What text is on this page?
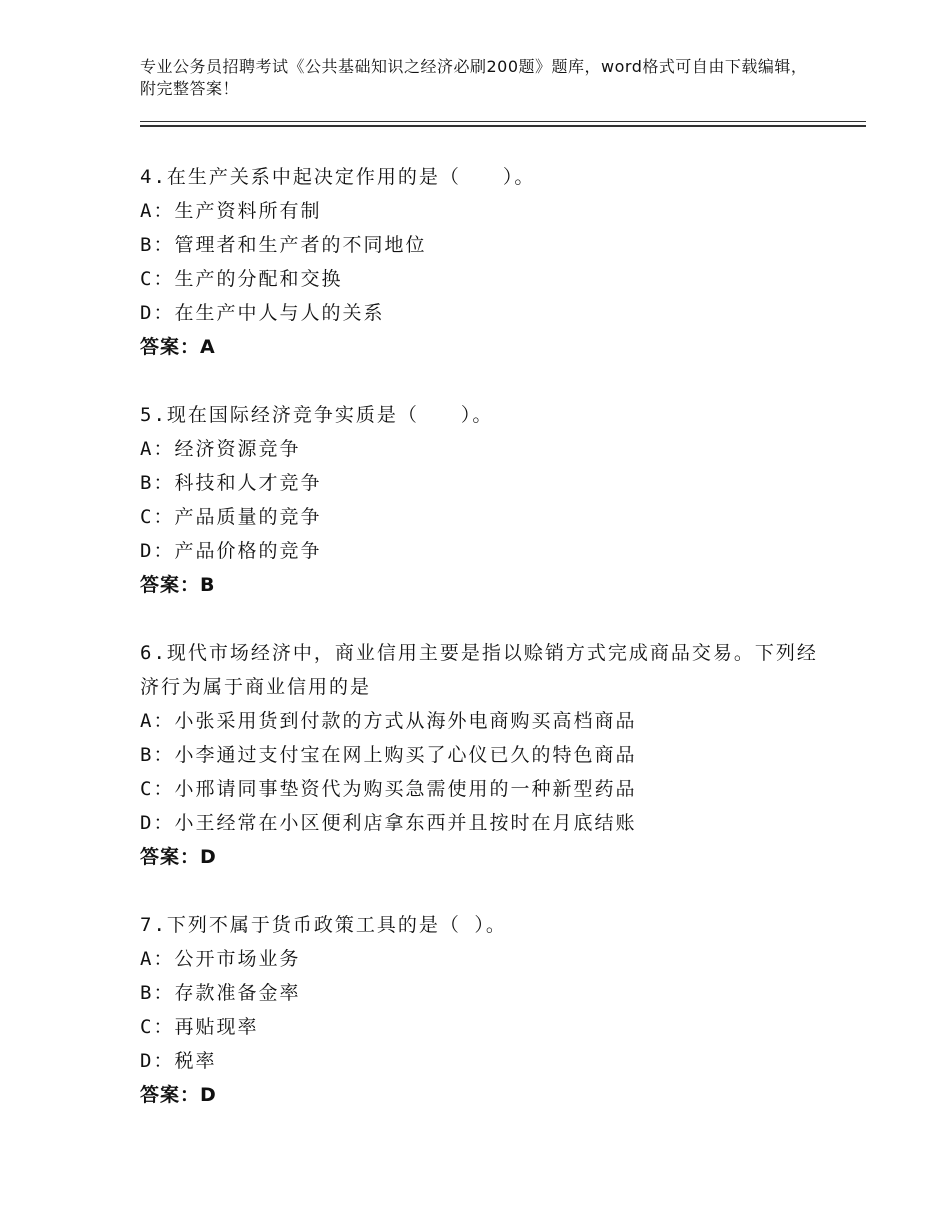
专业公务员招聘考试《公共基础知识之经济必刷200题》题库，word格式可自由下载编辑，附完整答案！
4.在生产关系中起决定作用的是（　　）。
A：生产资料所有制
B：管理者和生产者的不同地位
C：生产的分配和交换
D：在生产中人与人的关系
答案：A
5.现在国际经济竞争实质是（　　）。
A：经济资源竞争
B：科技和人才竞争
C：产品质量的竞争
D：产品价格的竞争
答案：B
6.现代市场经济中，商业信用主要是指以赊销方式完成商品交易。下列经济行为属于商业信用的是
A：小张采用货到付款的方式从海外电商购买高档商品
B：小李通过支付宝在网上购买了心仪已久的特色商品
C：小邢请同事垫资代为购买急需使用的一种新型药品
D：小王经常在小区便利店拿东西并且按时在月底结账
答案：D
7.下列不属于货币政策工具的是（ ）。
A：公开市场业务
B：存款准备金率
C：再贴现率
D：税率
答案：D
